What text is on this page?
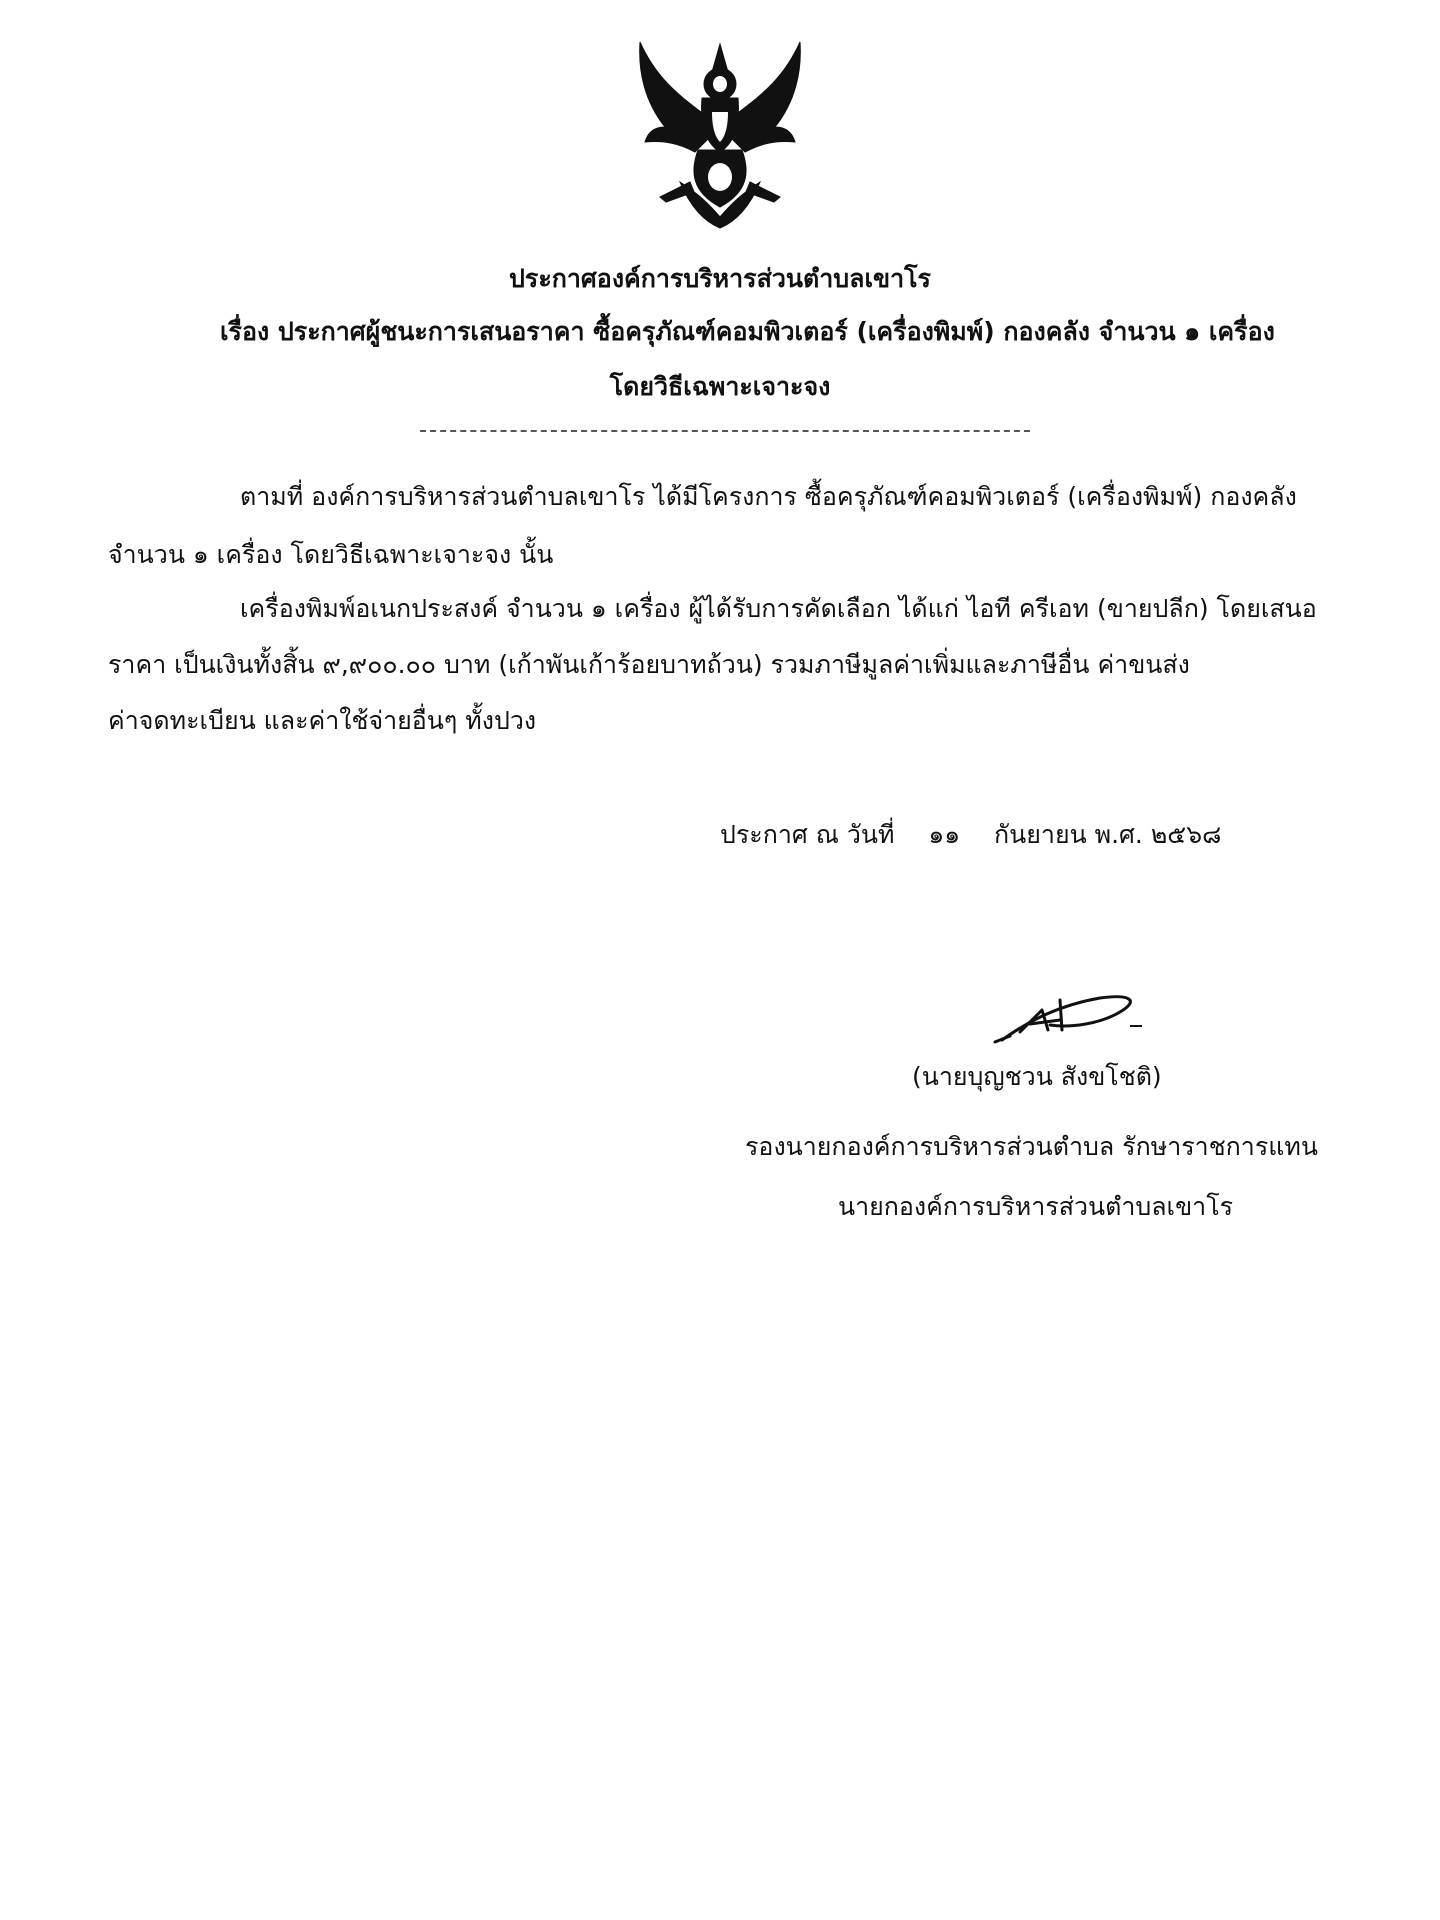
ประกาศองค์การบริหารส่วนตำบลเขาโร
เรื่อง ประกาศผู้ชนะการเสนอราคา ซื้อครุภัณฑ์คอมพิวเตอร์ (เครื่องพิมพ์) กองคลัง จำนวน ๑ เครื่อง
โดยวิธีเฉพาะเจาะจง
ตามที่ องค์การบริหารส่วนตำบลเขาโร ได้มีโครงการ ซื้อครุภัณฑ์คอมพิวเตอร์ (เครื่องพิมพ์) กองคลัง
จำนวน ๑ เครื่อง โดยวิธีเฉพาะเจาะจง นั้น
เครื่องพิมพ์อเนกประสงค์ จำนวน ๑ เครื่อง ผู้ได้รับการคัดเลือก ได้แก่ ไอที ครีเอท (ขายปลีก) โดยเสนอ
ราคา เป็นเงินทั้งสิ้น ๙,๙๐๐.๐๐ บาท (เก้าพันเก้าร้อยบาทถ้วน) รวมภาษีมูลค่าเพิ่มและภาษีอื่น ค่าขนส่ง
ค่าจดทะเบียน และค่าใช้จ่ายอื่นๆ ทั้งปวง
ประกาศ ณ วันที่ ๑๑ กันยายน พ.ศ. ๒๕๖๘
(นายบุญชวน สังขโชติ)
รองนายกองค์การบริหารส่วนตำบล รักษาราชการแทน
นายกองค์การบริหารส่วนตำบลเขาโร
